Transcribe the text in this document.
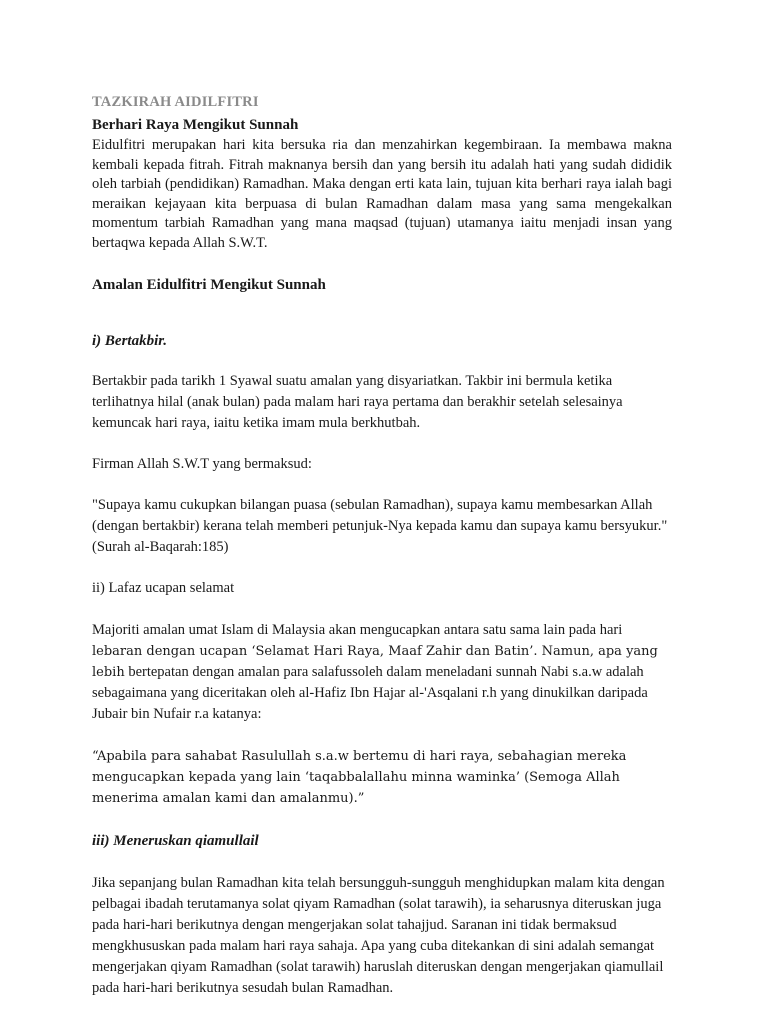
TAZKIRAH AIDILFITRI

Berhari Raya Mengikut Sunnah

Eidulfitri merupakan hari kita bersuka ria dan menzahirkan kegembiraan. Ia membawa makna kembali kepada fitrah. Fitrah maknanya bersih dan yang bersih itu adalah hati yang sudah dididik oleh tarbiah (pendidikan) Ramadhan. Maka dengan erti kata lain, tujuan kita berhari raya ialah bagi meraikan kejayaan kita berpuasa di bulan Ramadhan dalam masa yang sama mengekalkan momentum tarbiah Ramadhan yang mana maqsad (tujuan) utamanya iaitu menjadi insan yang bertaqwa kepada Allah S.W.T.

Amalan Eidulfitri Mengikut Sunnah

i) Bertakbir.

Bertakbir pada tarikh 1 Syawal suatu amalan yang disyariatkan. Takbir ini bermula ketika terlihatnya hilal (anak bulan) pada malam hari raya pertama dan berakhir setelah selesainya kemuncak hari raya, iaitu ketika imam mula berkhutbah.

Firman Allah S.W.T yang bermaksud:

"Supaya kamu cukupkan bilangan puasa (sebulan Ramadhan), supaya kamu membesarkan Allah (dengan bertakbir) kerana telah memberi petunjuk-Nya kepada kamu dan supaya kamu bersyukur." (Surah al-Baqarah:185)

ii) Lafaz ucapan selamat

Majoriti amalan umat Islam di Malaysia akan mengucapkan antara satu sama lain pada hari lebaran dengan ucapan ‘Selamat Hari Raya, Maaf Zahir dan Batin’. Namun, apa yang lebih bertepatan dengan amalan para salafussoleh dalam meneladani sunnah Nabi s.a.w adalah sebagaimana yang diceritakan oleh al-Hafiz Ibn Hajar al-'Asqalani r.h yang dinukilkan daripada Jubair bin Nufair r.a katanya:

“Apabila para sahabat Rasulullah s.a.w bertemu di hari raya, sebahagian mereka mengucapkan kepada yang lain ‘taqabbalallahu minna waminka’ (Semoga Allah menerima amalan kami dan amalanmu).”

iii) Meneruskan qiamullail

Jika sepanjang bulan Ramadhan kita telah bersungguh-sungguh menghidupkan malam kita dengan pelbagai ibadah terutamanya solat qiyam Ramadhan (solat tarawih), ia seharusnya diteruskan juga pada hari-hari berikutnya dengan mengerjakan solat tahajjud. Saranan ini tidak bermaksud mengkhususkan pada malam hari raya sahaja. Apa yang cuba ditekankan di sini adalah semangat mengerjakan qiyam Ramadhan (solat tarawih) haruslah diteruskan dengan mengerjakan qiamullail pada hari-hari berikutnya sesudah bulan Ramadhan.
